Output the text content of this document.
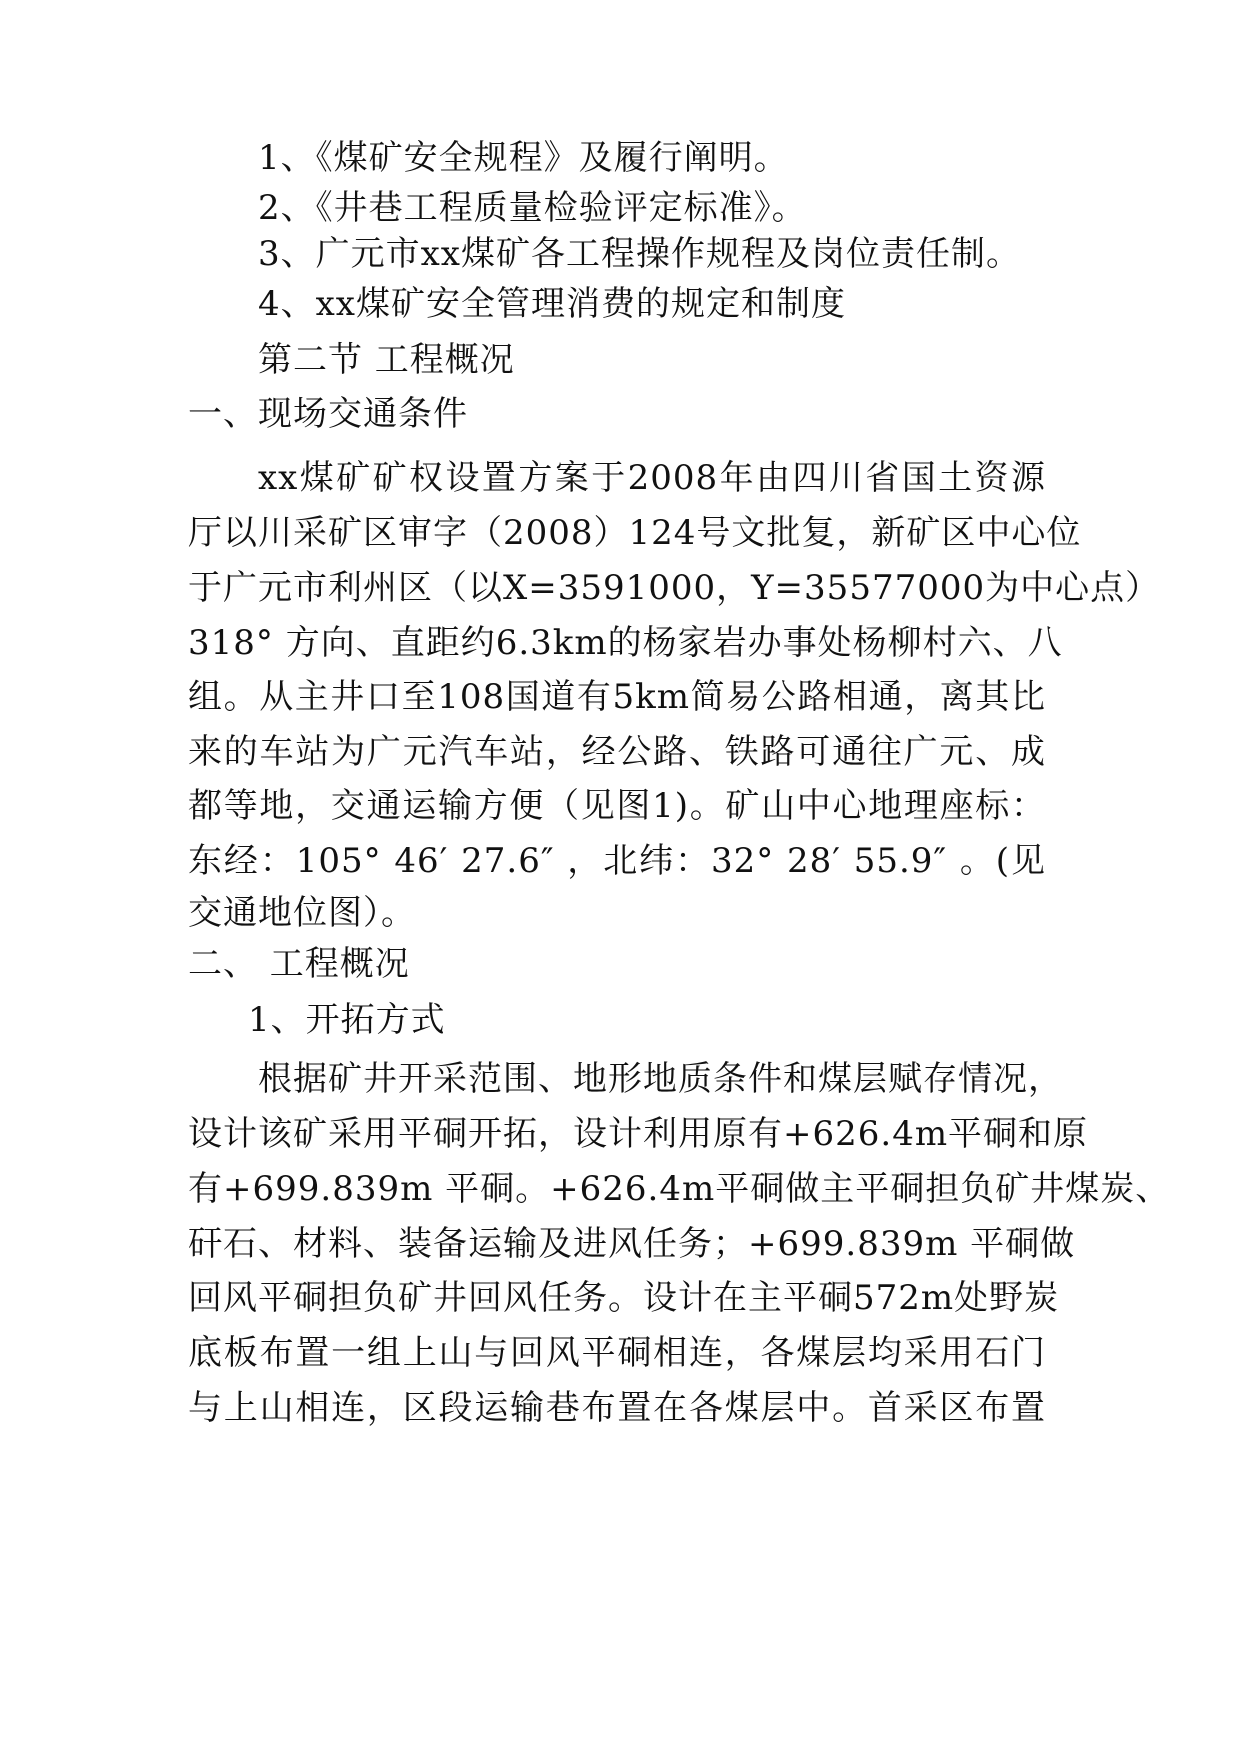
1、《煤矿安全规程》及履行阐明。
2、《井巷工程质量检验评定标准》。
3、广元市xx煤矿各工程操作规程及岗位责任制。
4、xx煤矿安全管理消费的规定和制度
第二节 工程概况
一、现场交通条件
xx煤矿矿权设置方案于2008年由四川省国土资源
厅以川采矿区审字（2008）124号文批复，新矿区中心位
于广元市利州区（以X=3591000，Y=35577000为中心点）
318° 方向、直距约6.3km的杨家岩办事处杨柳村六、八
组。从主井口至108国道有5km简易公路相通，离其比
来的车站为广元汽车站，经公路、铁路可通往广元、成
都等地，交通运输方便（见图1)。矿山中心地理座标：
东经：105° 46′ 27.6″ ，北纬：32° 28′ 55.9″ 。(见
交通地位图）。
二、 工程概况
1、开拓方式
根据矿井开采范围、地形地质条件和煤层赋存情况，
设计该矿采用平硐开拓，设计利用原有+626.4m平硐和原
有+699.839m 平硐。+626.4m平硐做主平硐担负矿井煤炭、
矸石、材料、装备运输及进风任务；+699.839m 平硐做
回风平硐担负矿井回风任务。设计在主平硐572m处野炭
底板布置一组上山与回风平硐相连，各煤层均采用石门
与上山相连，区段运输巷布置在各煤层中。首采区布置
